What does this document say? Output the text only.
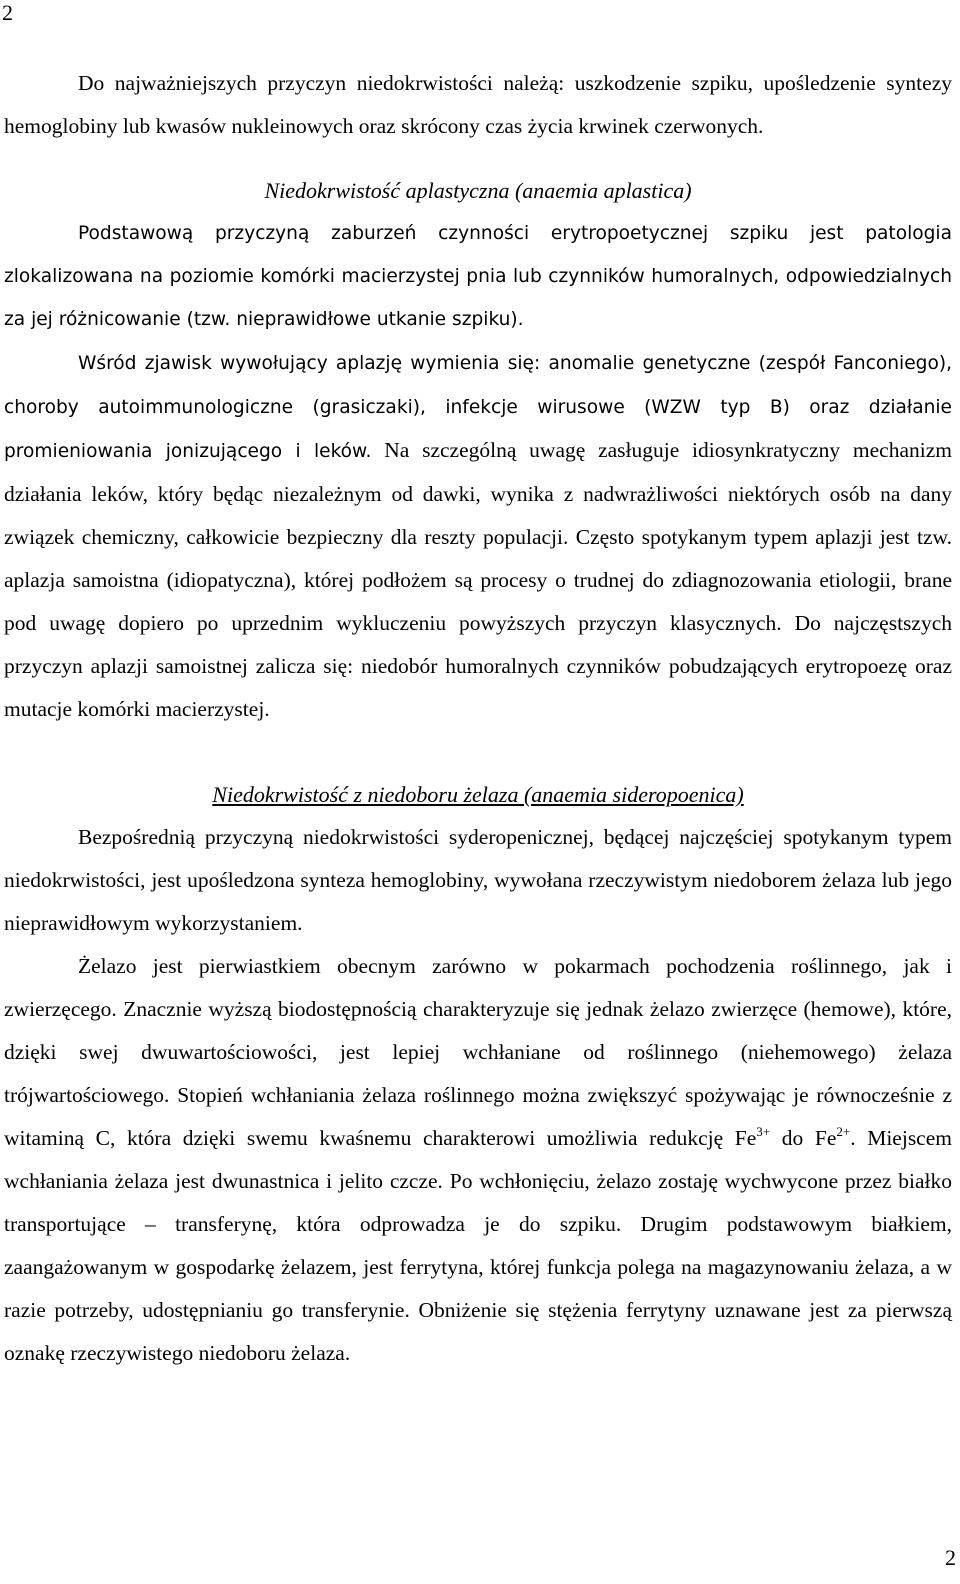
2

Do najważniejszych przyczyn niedokrwistości należą: uszkodzenie szpiku, upośledzenie syntezy hemoglobiny lub kwasów nukleinowych oraz skrócony czas życia krwinek czerwonych.

Niedokrwistość aplastyczna (anaemia aplastica)

Podstawową przyczyną zaburzeń czynności erytropoetycznej szpiku jest patologia zlokalizowana na poziomie komórki macierzystej pnia lub czynników humoralnych, odpowiedzialnych za jej różnicowanie (tzw. nieprawidłowe utkanie szpiku).

Wśród zjawisk wywołujący aplazję wymienia się: anomalie genetyczne (zespół Fanconiego), choroby autoimmunologiczne (grasiczaki), infekcje wirusowe (WZW typ B) oraz działanie promieniowania jonizującego i leków. Na szczególną uwagę zasługuje idiosynkratyczny mechanizm działania leków, który będąc niezależnym od dawki, wynika z nadwrażliwości niektórych osób na dany związek chemiczny, całkowicie bezpieczny dla reszty populacji. Często spotykanym typem aplazji jest tzw. aplazja samoistna (idiopatyczna), której podłożem są procesy o trudnej do zdiagnozowania etiologii, brane pod uwagę dopiero po uprzednim wykluczeniu powyższych przyczyn klasycznych. Do najczęstszych przyczyn aplazji samoistnej zalicza się: niedobór humoralnych czynników pobudzających erytropoezę oraz mutacje komórki macierzystej.

Niedokrwistość z niedoboru żelaza (anaemia sideropoenica)

Bezpośrednią przyczyną niedokrwistości syderopenicznej, będącej najczęściej spotykanym typem niedokrwistości, jest upośledzona synteza hemoglobiny, wywołana rzeczywistym niedoborem żelaza lub jego nieprawidłowym wykorzystaniem.

Żelazo jest pierwiastkiem obecnym zarówno w pokarmach pochodzenia roślinnego, jak i zwierzęcego. Znacznie wyższą biodostępnością charakteryzuje się jednak żelazo zwierzęce (hemowe), które, dzięki swej dwuwartościowości, jest lepiej wchłaniane od roślinnego (niehemowego) żelaza trójwartościowego. Stopień wchłaniania żelaza roślinnego można zwiększyć spożywając je równocześnie z witaminą C, która dzięki swemu kwaśnemu charakterowi umożliwia redukcję $Fe^{3+}$ do $Fe^{2+}$. Miejscem wchłaniania żelaza jest dwunastnica i jelito czcze. Po wchłonięciu, żelazo zostaję wychwycone przez białko transportujące – transferynę, która odprowadza je do szpiku. Drugim podstawowym białkiem, zaangażowanym w gospodarkę żelazem, jest ferrytyna, której funkcja polega na magazynowaniu żelaza, a w razie potrzeby, udostępnianiu go transferynie. Obniżenie się stężenia ferrytyny uznawane jest za pierwszą oznakę rzeczywistego niedoboru żelaza.

2
